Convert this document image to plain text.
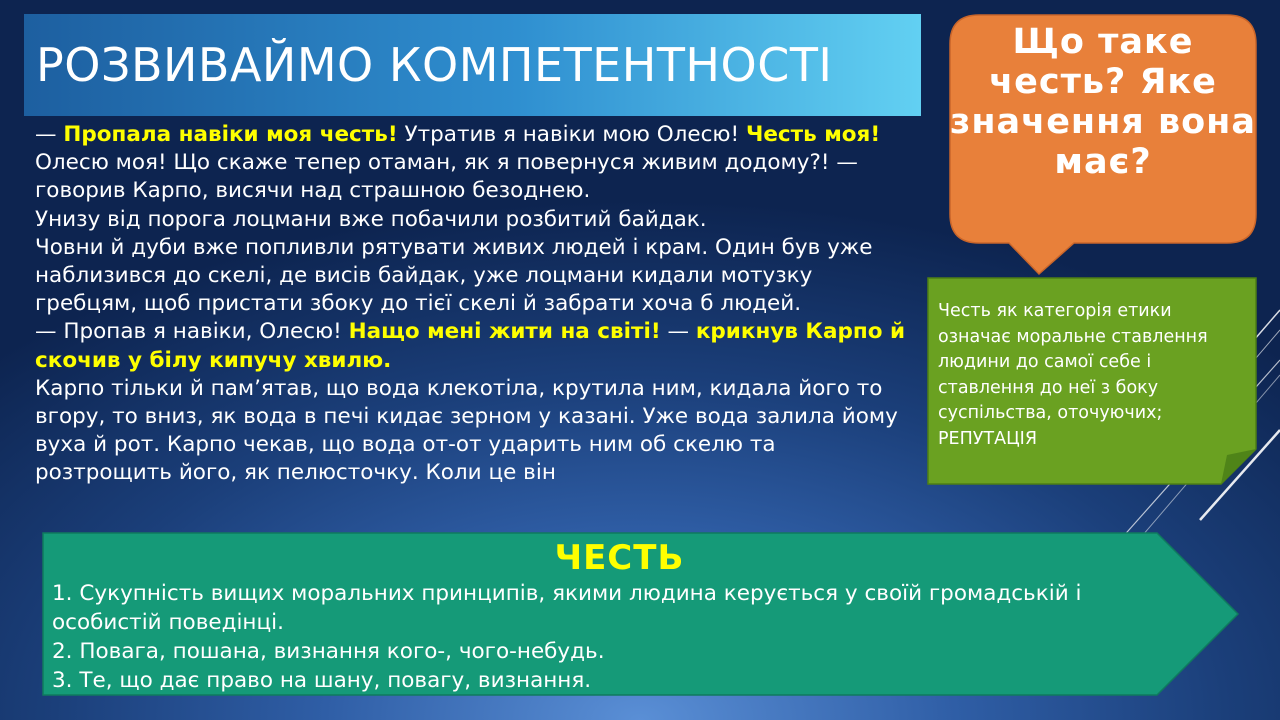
РОЗВИВАЙМО КОМПЕТЕНТНОСТІ

— Пропала навіки моя честь! Утратив я навіки мою Олесю! Честь моя! Олесю моя! Що скаже тепер отаман, як я повернуся живим додому?! — говорив Карпо, висячи над страшною безоднею.

Унизу від порога лоцмани вже побачили розбитий байдак.

Човни й дуби вже попливли рятувати живих людей і крам. Один був уже наблизився до скелі, де висів байдак, уже лоцмани кидали мотузку гребцям, щоб пристати збоку до тієї скелі й забрати хоча б людей.

— Пропав я навіки, Олесю! Нащо мені жити на світі! — крикнув Карпо й скочив у білу кипучу хвилю.

Карпо тільки й пам’ятав, що вода клекотіла, крутила ним, кидала його то вгору, то вниз, як вода в печі кидає зерном у казані. Уже вода залила йому вуха й рот. Карпо чекав, що вода от-от ударить ним об скелю та розтрощить його, як пелюсточку. Коли це він

Що таке честь? Яке значення вона має?
Честь як категорія етики означає моральне ставлення людини до самої себе і ставлення до неї з боку суспільства, оточуючих; РЕПУТАЦІЯ
ЧЕСТЬ

1. Сукупність вищих моральних принципів, якими людина керується у своїй громадській і особистій поведінці.

2. Повага, пошана, визнання кого-, чого-небудь.

3. Те, що дає право на шану, повагу, визнання.
